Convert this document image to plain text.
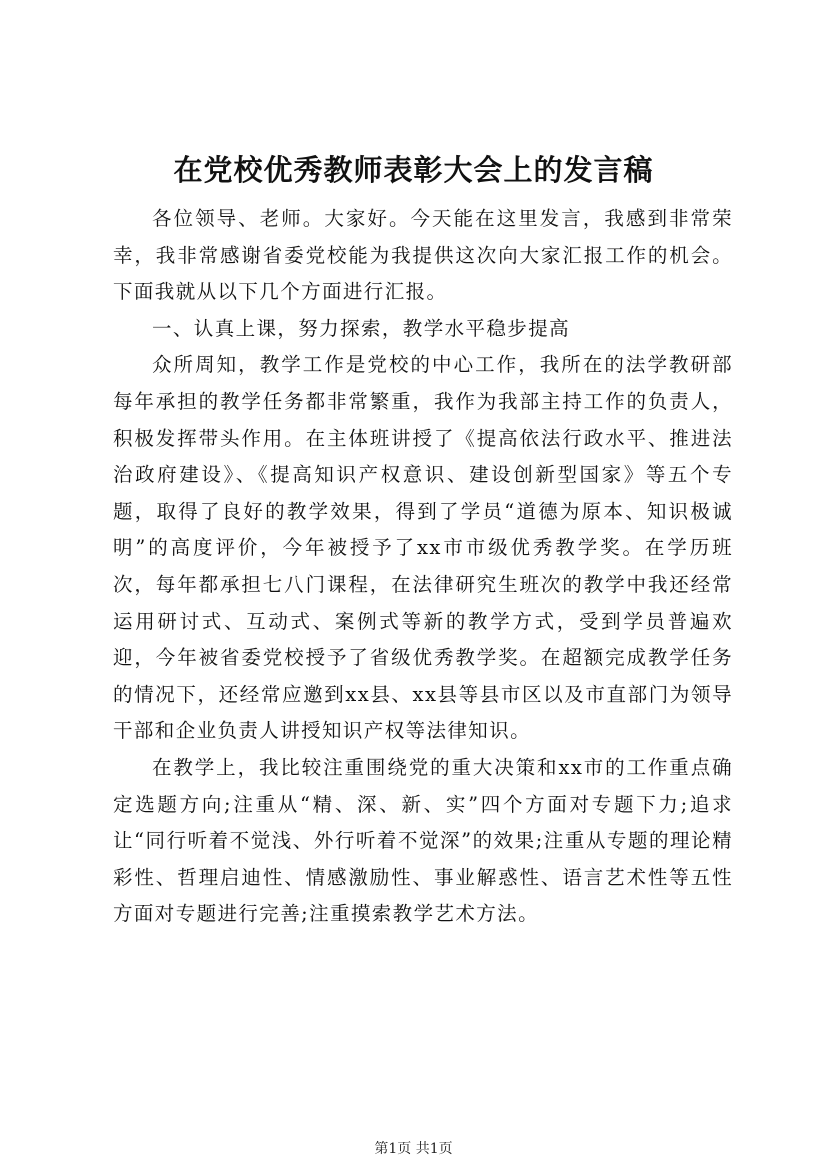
在党校优秀教师表彰大会上的发言稿

各位领导、老师。大家好。今天能在这里发言，我感到非常荣幸，我非常感谢省委党校能为我提供这次向大家汇报工作的机会。下面我就从以下几个方面进行汇报。

一、认真上课，努力探索，教学水平稳步提高

众所周知，教学工作是党校的中心工作，我所在的法学教研部每年承担的教学任务都非常繁重，我作为我部主持工作的负责人，积极发挥带头作用。在主体班讲授了《提高依法行政水平、推进法治政府建设》、《提高知识产权意识、建设创新型国家》等五个专题，取得了良好的教学效果，得到了学员“道德为原本、知识极诚明”的高度评价，今年被授予了xx市市级优秀教学奖。在学历班次，每年都承担七八门课程，在法律研究生班次的教学中我还经常运用研讨式、互动式、案例式等新的教学方式，受到学员普遍欢迎，今年被省委党校授予了省级优秀教学奖。在超额完成教学任务的情况下，还经常应邀到xx县、xx县等县市区以及市直部门为领导干部和企业负责人讲授知识产权等法律知识。

在教学上，我比较注重围绕党的重大决策和xx市的工作重点确定选题方向;注重从“精、深、新、实”四个方面对专题下力;追求让“同行听着不觉浅、外行听着不觉深”的效果;注重从专题的理论精彩性、哲理启迪性、情感激励性、事业解惑性、语言艺术性等五性方面对专题进行完善;注重摸索教学艺术方法。

第1页 共1页
